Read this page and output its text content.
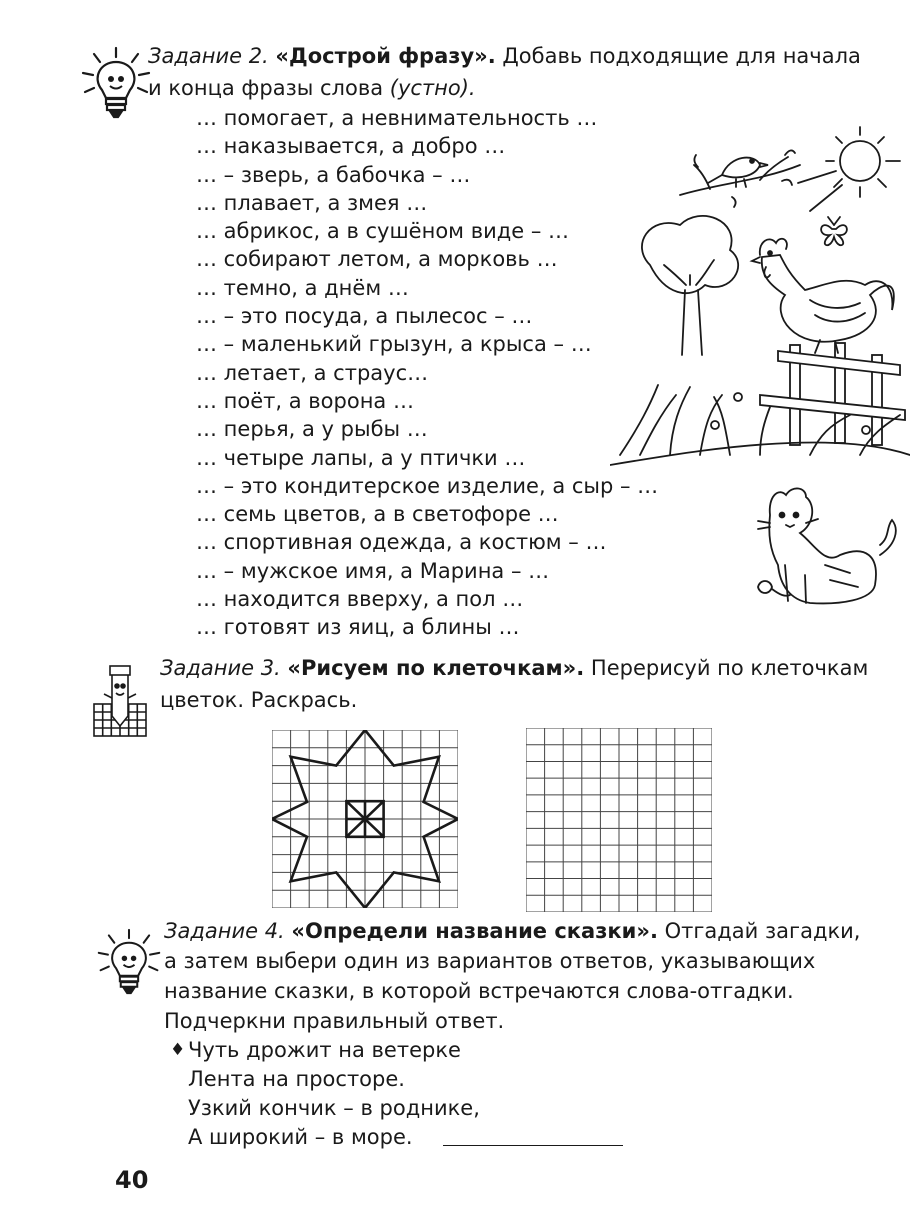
Задание 2. «Дострой фразу». Добавь подходящие для начала
и конца фразы слова (устно).
… помогает, а невнимательность …
… наказывается, а добро …
… – зверь, а бабочка – …
… плавает, а змея …
… абрикос, а в сушёном виде – …
… собирают летом, а морковь …
… темно, а днём …
… – это посуда, а пылесос – …
… – маленький грызун, а крыса – …
… летает, а страус…
… поёт, а ворона …
… перья, а у рыбы …
… четыре лапы, а у птички …
… – это кондитерское изделие, а сыр – …
… семь цветов, а в светофоре …
… спортивная одежда, а костюм – …
… – мужское имя, а Марина – …
… находится вверху, а пол …
… готовят из яиц, а блины …
Задание 3. «Рисуем по клеточкам». Перерисуй по клеточкам
цветок. Раскрась.
Задание 4. «Определи название сказки». Отгадай загадки,
а затем выбери один из вариантов ответов, указывающих
название сказки, в которой встречаются слова-отгадки.
Подчеркни правильный ответ.
♦ Чуть дрожит на ветерке
Лента на просторе.
Узкий кончик – в роднике,
А широкий – в море.
40
